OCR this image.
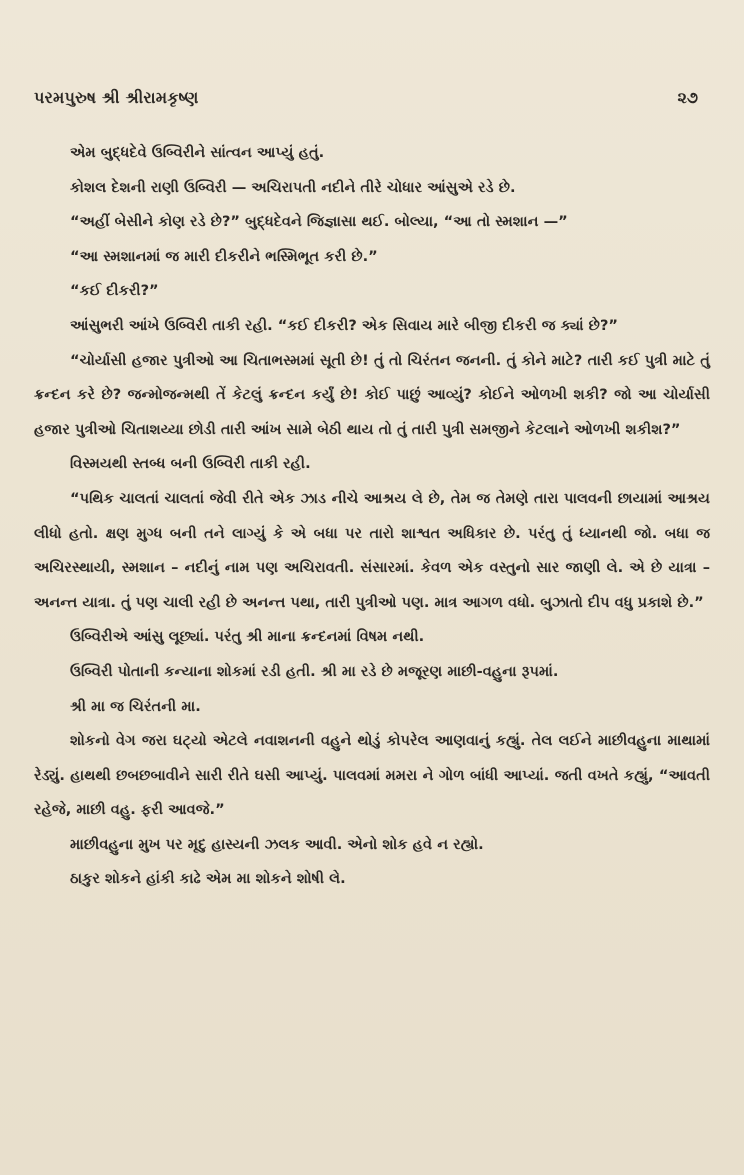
પરમપુરુષ શ્રી શ્રીરામકૃષ્ણ	૨૭

એમ બુદ્ધદેવે ઉબ્વિરીને સાંત્વન આપ્યું હતું.

કોશલ દેશની રાણી ઉબ્વિરી — અચિરાપતી નદીને તીરે ચોધાર આંસુએ રડે છે.

“અહીં બેસીને કોણ રડે છે?” બુદ્ધદેવને જિજ્ઞાસા થઈ. બોલ્યા, “આ તો સ્મશાન —”

“આ સ્મશાનમાં જ મારી દીકરીને ભસ્મિભૂત કરી છે.”

“કઈ દીકરી?”

આંસુભરી આંખે ઉબ્વિરી તાકી રહી. “કઈ દીકરી? એક સિવાય મારે બીજી દીકરી જ ક્યાં છે?”

“ચોર્યાસી હજાર પુત્રીઓ આ ચિતાભસ્મમાં સૂતી છે! તું તો ચિરંતન જનની. તું કોને માટે? તારી કઈ પુત્રી માટે તું ક્રન્દન કરે છે? જન્મોજન્મથી તેં કેટલું ક્રન્દન કર્યું છે! કોઈ પાછું આવ્યું? કોઈને ઓળખી શકી? જો આ ચોર્યાસી હજાર પુત્રીઓ ચિતાશય્યા છોડી તારી આંખ સામે બેઠી થાય તો તું તારી પુત્રી સમજીને કેટલાને ઓળખી શકીશ?”

વિસ્મયથી સ્તબ્ધ બની ઉબ્વિરી તાકી રહી.

“પથિક ચાલતાં ચાલતાં જેવી રીતે એક ઝાડ નીચે આશ્રય લે છે, તેમ જ તેમણે તારા પાલવની છાયામાં આશ્રય લીધો હતો. ક્ષણ મુગ્ધ બની તને લાગ્યું કે એ બધા પર તારો શાશ્વત અધિકાર છે. પરંતુ તું ધ્યાનથી જો. બધા જ અચિરસ્થાયી, સ્મશાન – નદીનું નામ પણ અચિરાવતી. સંસારમાં. કેવળ એક વસ્તુનો સાર જાણી લે. એ છે યાત્રા – અનન્ત યાત્રા. તું પણ ચાલી રહી છે અનન્ત પથા, તારી પુત્રીઓ પણ. માત્ર આગળ વધો. બુઝાતો દીપ વધુ પ્રકાશે છે.”

ઉબ્વિરીએ આંસુ લૂછ્યાં. પરંતુ શ્રી માના ક્રન્દનમાં વિષમ નથી.

ઉબ્વિરી પોતાની કન્યાના શોકમાં રડી હતી. શ્રી મા રડે છે મજૂરણ માછી-વહુના રૂપમાં.

શ્રી મા જ ચિરંતની મા.

શોકનો વેગ જરા ઘટ્યો એટલે નવાશનની વહુને થોડું કોપરેલ આણવાનું કહ્યું. તેલ લઈને માછીવહુના માથામાં રેડ્યું. હાથથી છબછબાવીને સારી રીતે ઘસી આપ્યું. પાલવમાં મમરા ને ગોળ બાંધી આપ્યાં. જતી વખતે કહ્યું, “આવતી રહેજે, માછી વહુ. ફરી આવજે.”

માછીવહુના મુખ પર મૃદુ હાસ્યની ઝલક આવી. એનો શોક હવે ન રહ્યો.

ઠાકુર શોકને હાંકી કાઢે એમ મા શોકને શોષી લે.
